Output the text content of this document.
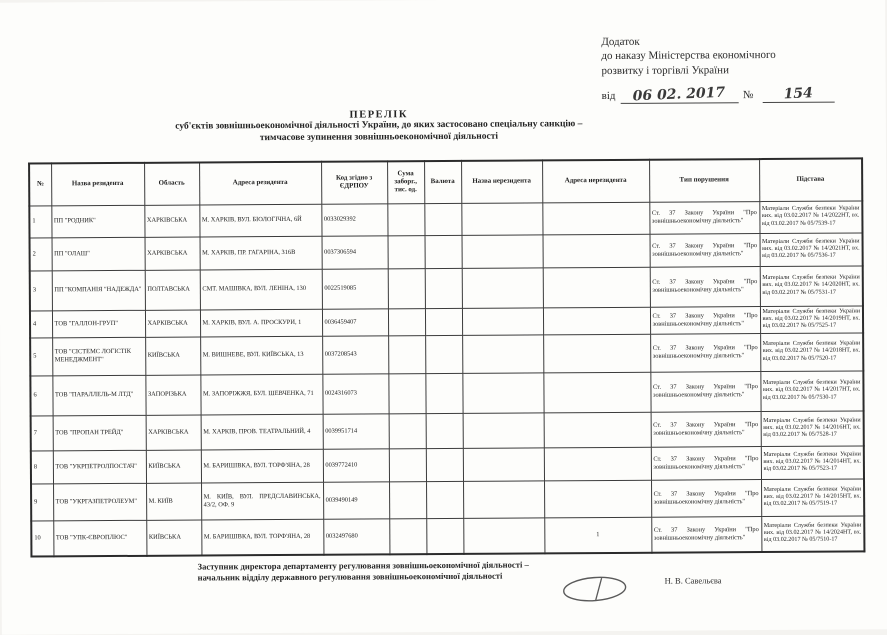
Додаток
до наказу Міністерства економічного
розвитку і торгівлі України
від 06 02. 2017 № 154
ПЕРЕЛІК
суб'єктів зовнішньоекономічної діяльності України, до яких застосовано спеціальну санкцію –
тимчасове зупинення зовнішньоекономічної діяльності
№	Назва резидента	Область	Адреса резидента	Код згідно з ЄДРПОУ	Сума заборг., тис. од.	Валюта	Назва нерезидента	Адреса нерезидента	Тип порушення	Підстава
1	ПП "РОДНИК"	ХАРКІВСЬКА	М. ХАРКІВ, ВУЛ. БІОЛОГІЧНА, 6Й	0033029392					Ст. 37 Закону України "Про зовнішньоекономічну діяльність"	Матеріали Служби безпеки України вих. від 03.02.2017 № 14/2022НТ, вх. від 03.02.2017 № 05/7539-17
2	ПП "ОЛАШ"	ХАРКІВСЬКА	М. ХАРКІВ, ПР. ГАГАРІНА, 316В	0037306594					Ст. 37 Закону України "Про зовнішньоекономічну діяльність"	Матеріали Служби безпеки України вих. від 03.02.2017 № 14/2021НТ, вх. від 03.02.2017 № 05/7536-17
3	ПП "КОМПАНІЯ "НАДЕЖДА"	ПОЛТАВСЬКА	СМТ. МАШІВКА, ВУЛ. ЛЕНІНА, 130	0022519085					Ст. 37 Закону України "Про зовнішньоекономічну діяльність"	Матеріали Служби безпеки України вих. від 03.02.2017 № 14/2020НТ, вх. від 03.02.2017 № 05/7531-17
4	ТОВ "ГАЛЛОН-ГРУП"	ХАРКІВСЬКА	М. ХАРКІВ, ВУЛ. А. ПРОСКУРИ, 1	0036459407					Ст. 37 Закону України "Про зовнішньоекономічну діяльність"	Матеріали Служби безпеки України вих. від 03.02.2017 № 14/2019НТ, вх. від 03.02.2017 № 05/7525-17
5	ТОВ "СІСТЕМС ЛОГІСТІК МЕНЕДЖМЕНТ"	КИЇВСЬКА	М. ВИШНЕВЕ, ВУЛ. КИЇВСЬКА, 13	0037208543					Ст. 37 Закону України "Про зовнішньоекономічну діяльність"	Матеріали Служби безпеки України вих. від 03.02.2017 № 14/2018НТ, вх. від 03.02.2017 № 05/7520-17
6	ТОВ "ПАРАЛЛЕЛЬ-М ЛТД"	ЗАПОРІЗЬКА	М. ЗАПОРІЖЖЯ, БУЛ. ШЕВЧЕНКА, 71	0024316073					Ст. 37 Закону України "Про зовнішньоекономічну діяльність"	Матеріали Служби безпеки України вих. від 03.02.2017 № 14/2017НТ, вх. від 03.02.2017 № 05/7530-17
7	ТОВ "ПРОПАН ТРЕЙД"	ХАРКІВСЬКА	М. ХАРКІВ, ПРОВ. ТЕАТРАЛЬНИЙ, 4	0039951714					Ст. 37 Закону України "Про зовнішньоекономічну діяльність"	Матеріали Служби безпеки України вих. від 03.02.2017 № 14/2016НТ, вх. від 03.02.2017 № 05/7528-17
8	ТОВ "УКРПЕТРОЛПОСТАЧ"	КИЇВСЬКА	М. БАРИШІВКА, ВУЛ. ТОРФ'ЯНА, 28	0039772410					Ст. 37 Закону України "Про зовнішньоекономічну діяльність"	Матеріали Служби безпеки України вих. від 03.02.2017 № 14/2014НТ, вх. від 03.02.2017 № 05/7523-17
9	ТОВ "УКРГАЗПЕТРОЛЕУМ"	М. КИЇВ	М. КИЇВ, ВУЛ. ПРЕДСЛАВИНСЬКА, 43/2, ОФ. 9	0039490149					Ст. 37 Закону України "Про зовнішньоекономічну діяльність"	Матеріали Служби безпеки України вих. від 03.02.2017 № 14/2015НТ, вх. від 03.02.2017 № 05/7519-17
10	ТОВ "УПК-ЄВРОПЛЮС"	КИЇВСЬКА	М. БАРИШІВКА, ВУЛ. ТОРФ'ЯНА, 28	0032497680				1	Ст. 37 Закону України "Про зовнішньоекономічну діяльність"	Матеріали Служби безпеки України вих. від 03.02.2017 № 14/2024НТ, вх. від 03.02.2017 № 05/7510-17
Заступник директора департаменту регулювання зовнішньоекономічної діяльності –
начальник відділу державного регулювання зовнішньоекономічної діяльності	Н. В. Савельєва
